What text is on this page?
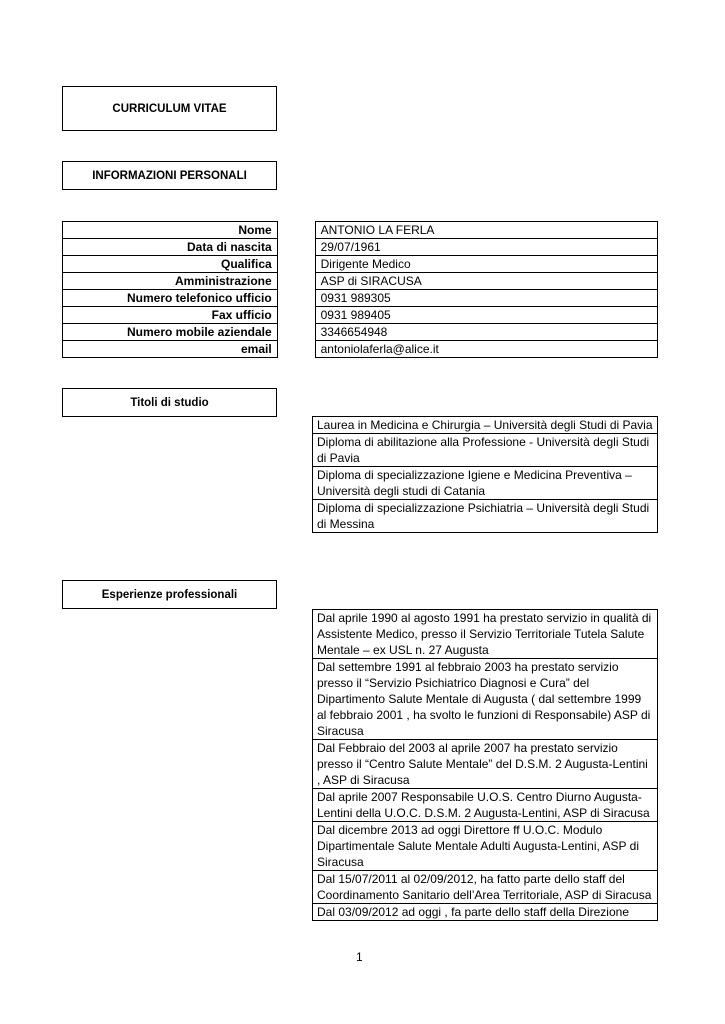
CURRICULUM VITAE
INFORMAZIONI PERSONALI
Nome		ANTONIO LA FERLA
Data di nascita		29/07/1961
Qualifica		Dirigente Medico
Amministrazione		ASP di SIRACUSA
Numero telefonico ufficio		0931 989305
Fax ufficio		0931 989405
Numero mobile aziendale		3346654948
email		antoniolaferla@alice.it
Titoli di studio
Laurea in Medicina e Chirurgia – Università degli Studi di Pavia
Diploma di abilitazione alla Professione - Università degli Studi di Pavia
Diploma di specializzazione Igiene e Medicina Preventiva – Università degli studi di Catania
Diploma di specializzazione Psichiatria – Università degli Studi di Messina
Esperienze professionali
Dal aprile 1990 al agosto 1991 ha prestato servizio in qualità di Assistente Medico, presso il Servizio Territoriale Tutela Salute Mentale – ex USL n. 27 Augusta
Dal settembre 1991 al febbraio 2003 ha prestato servizio presso il “Servizio Psichiatrico Diagnosi e Cura” del Dipartimento Salute Mentale di Augusta ( dal settembre 1999 al febbraio 2001 , ha svolto le funzioni di Responsabile) ASP di Siracusa
Dal Febbraio del 2003 al aprile 2007 ha prestato servizio presso il “Centro Salute Mentale” del D.S.M. 2 Augusta-Lentini , ASP di Siracusa
Dal aprile 2007 Responsabile U.O.S. Centro Diurno Augusta-Lentini della U.O.C. D.S.M. 2 Augusta-Lentini, ASP di Siracusa
Dal dicembre 2013 ad oggi Direttore ff U.O.C. Modulo Dipartimentale Salute Mentale Adulti Augusta-Lentini, ASP di Siracusa
Dal 15/07/2011 al 02/09/2012, ha fatto parte dello staff del Coordinamento Sanitario dell’Area Territoriale, ASP di Siracusa
Dal 03/09/2012 ad oggi , fa parte dello staff della Direzione
1
